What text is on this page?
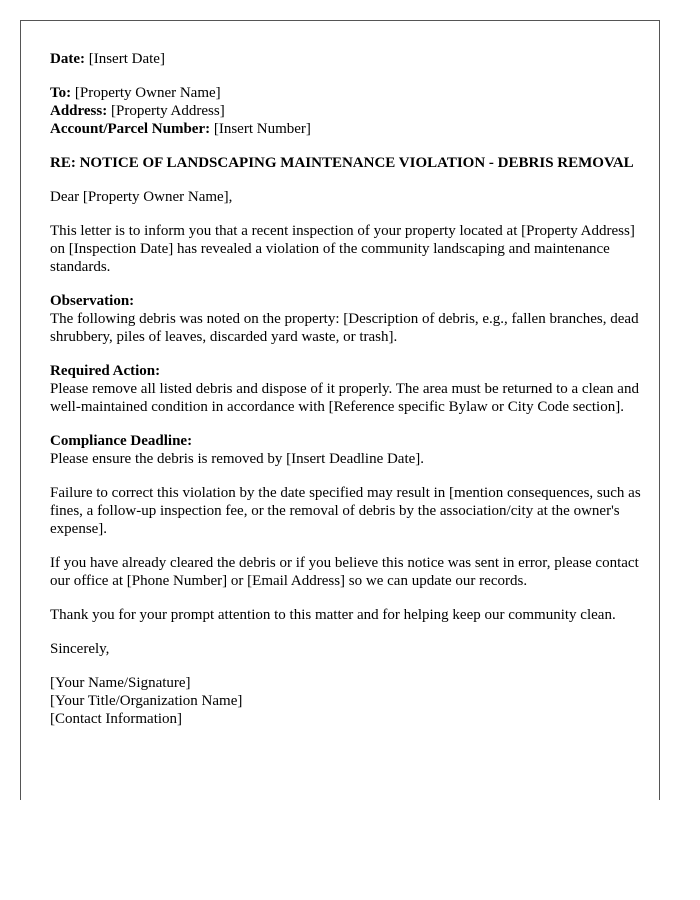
Date: [Insert Date]

To: [Property Owner Name]

Address: [Property Address]

Account/Parcel Number: [Insert Number]

RE: NOTICE OF LANDSCAPING MAINTENANCE VIOLATION - DEBRIS REMOVAL

Dear [Property Owner Name],

This letter is to inform you that a recent inspection of your property located at [Property Address] on [Inspection Date] has revealed a violation of the community landscaping and maintenance standards.

Observation:

The following debris was noted on the property: [Description of debris, e.g., fallen branches, dead shrubbery, piles of leaves, discarded yard waste, or trash].

Required Action:

Please remove all listed debris and dispose of it properly. The area must be returned to a clean and well-maintained condition in accordance with [Reference specific Bylaw or City Code section].

Compliance Deadline:

Please ensure the debris is removed by [Insert Deadline Date].

Failure to correct this violation by the date specified may result in [mention consequences, such as fines, a follow-up inspection fee, or the removal of debris by the association/city at the owner's expense].

If you have already cleared the debris or if you believe this notice was sent in error, please contact our office at [Phone Number] or [Email Address] so we can update our records.

Thank you for your prompt attention to this matter and for helping keep our community clean.

Sincerely,

[Your Name/Signature]

[Your Title/Organization Name]

[Contact Information]
